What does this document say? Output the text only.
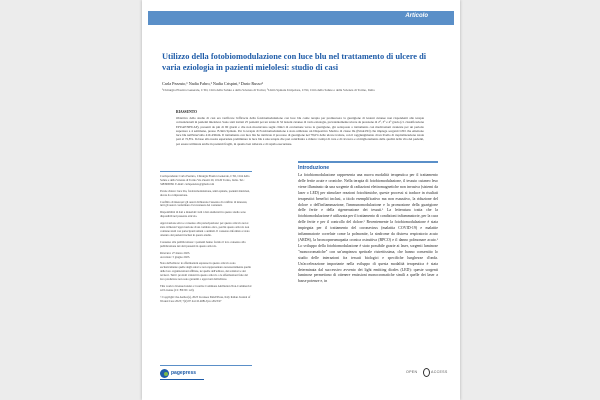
Articolo
Utilizzo della fotobiomodulazione con luce blu nel trattamento di ulcere di varia eziologia in pazienti mielolesi: studio di casi
Carla Pezzuto,¹ Nadia Fabro,¹ Nadia Crispini,¹ Dario Russo²
¹Chirurgia Plastica Generale, CTO, Città della Salute e della Scienza di Torino; ²Unità Spinale Unipolare, CTO, Città della Salute e della Scienza di Torino, Italia
RIASSUNTO
Obiettivo dello studio di casi era verificare l'efficacia della fotobiomodulazione con luce blu come terapia per promuovere la guarigione di lesioni cutanee non rispondenti alle terapie convenzionali in pazienti mielolesi. Sono stati trattati 25 pazienti per un totale di 32 lesioni cutanee di varia eziologia, prevalentemente ulcere da pressione di 2°, 3° e 4° grado (cl. classificazione EPUAP/NPUAP), presenti da più di 90 giorni e che non mostravano segni clinici di evoluzione verso la guarigione, già sottoposte a trattamento con medicazioni avanzate per un periodo superiore a 4 settimane, presso l'Unità Spinale. Per la terapia di Fotobiomodulazione è stato utilizzato un Dispositivo Medico di classe IIa (EmoLED) che impiega sorgenti LED che emettono luce blu nell'intervallo 410-430nm. Il trattamento con luce blu ha riattivato il processo di guarigione nel 78,6% delle ulcere trattate, con il raggiungimento di un livello di riepitelizzazione totale pari al 72,8%. In base alla nostra esperienza preliminare la luce blu è una terapia che può contribuire a ridurre i tempi di cura e di ricovero e al miglioramento della qualità della vita dei pazienti, poi essere utilizzata anche in pazienti fragili, in quanto ben tollerata e di rapida esecuzione.

Corrispondente: Carla Pezzuto, Chirurgia Plastica Generale, CTO, Città della Salute e della Scienza di Torino Via Zuretti 29, 10126 Torino, Italia. Tel.: 3483900991 E-mail: carlapezzuto@gmail.com

Parole chiave: luce blu, fotobiomodulazione, unità spinale, pazienti mielolesi, ulcere da compressione.

Conflitto di interessi: gli autori dichiarano l'assenza di conflitto di interessi, tutti gli autori confermano l'accuratezza dei contenuti.

Disponibilità di dati e materiali: tutti i dati analizzati in questo studio sono disponibili nel presente articolo.

Approvazione etica e consenso alla partecipazione: per questo articolo non è stata richiesta l'approvazione di un comitato etico, perché questo articolo non contiene studi con partecipanti umani o animali. Il consenso informato è stato ottenuto dai pazienti inclusi in questo studio.

Consenso alla pubblicazione: i pazienti hanno fornito il loro consenso alla pubblicazione dei dati presenti in questo articolo.

Ricevuto: 27 marzo 2023.

Accettato: 5 giugno 2023.

Nota dell'editore: le affermazioni espresse in questo articolo sono esclusivamente quelle degli autori e non rappresentano necessariamente quelle delle loro organizzazioni affiliate, né quelle dell'editore, dei redattori e dei revisori. Tutti i prodotti valutati in questo articolo o le affermazioni fatte dal loro produttore non sono garantiti o approvati dall'editore.

This work is licensed under a Creative Commons Attribution Non-Commercial 4.0 License (CC BY-NC 4.0).

©Copyright: the Author(s), 2023 Licensee PAGEPress, Italy Italian Journal of Wound Care 2023; 7(2):97 doi:10.4081/ijwc.2023.97

Introduzione
La fotobiomodulazione rappresenta una nuova modalità terapeutica per il trattamento delle ferite acute e croniche. Nella terapia di fotobiomodulazione, il tessuto cutaneo leso viene illuminato da una sorgente di radiazioni elettromagnetiche non invasiva (sistemi da laser o LED) per stimolare reazioni fotochimiche, queste processi si traduce in risultati terapeutici benefici inclusi, a titolo esemplificativo ma non esaustivo, la riduzione del dolore o dell'infiammazione, l'immunomodulazione e la promozione della guarigione delle ferite e della rigenerazione dei tessuti.¹ La letteratura tratta che la fotobiomodulazione è utilizzata per il trattamento di condizioni infiammatorie, per la cura delle ferite e per il controllo del dolore.² Recentemente la fotobiomodulazione è stata impiegata per il trattamento del coronavirus (malattia COVID-19) e malattie infiammatorie correlate come la polmonite, la sindrome da distress respiratorio acuto (ARDS), la broncopneumopatia cronica ostruttiva (BPCO) e il danno polmonare acuto.³ Lo sviluppo della fotobiomodulazione è stato possibile grazie ai laser, sorgenti luminose "monocromatiche" con un'ampiezza spettrale ristrettissima, che hanno consentito lo studio delle interazioni fra tessuti biologici e specifiche lunghezze d'onda. Un'accelerazione importante nella sviluppo di questa modalità terapeutica è stata determinata dal successivo avvento dei light emitting diodes (LED): queste sorgenti luminose permettono di ottenere emissioni monocromatiche simili a quelle dei laser a basse potenze e, in
pagepress	OPEN	ACCESS
